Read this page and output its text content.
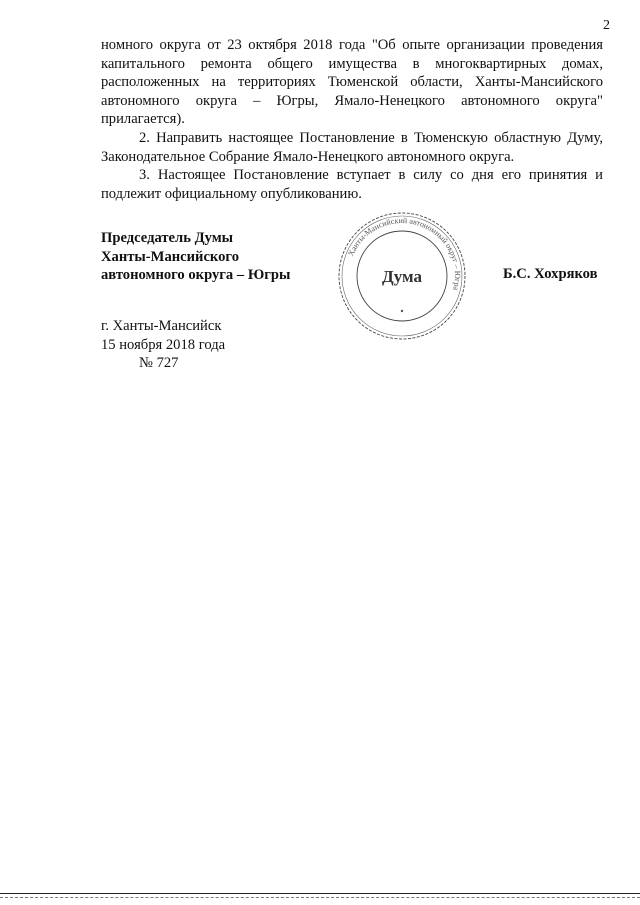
2

номного округа от 23 октября 2018 года "Об опыте организации проведения капитального ремонта общего имущества в многоквартирных домах, расположенных на территориях Тюменской области, Ханты-Мансийского автономного округа – Югры, Ямало-Ненецкого автономного округа" прилагается).

2. Направить настоящее Постановление в Тюменскую областную Думу, Законодательное Собрание Ямало-Ненецкого автономного округа.

3. Настоящее Постановление вступает в силу со дня его принятия и подлежит официальному опубликованию.

Председатель Думы
Ханты-Мансийского
автономного округа – Югры
Ханты-Мансийский автономный округ – Югра
Дума	Б.С. Хохряков
г. Ханты-Мансийск
15 ноября 2018 года
№ 727
